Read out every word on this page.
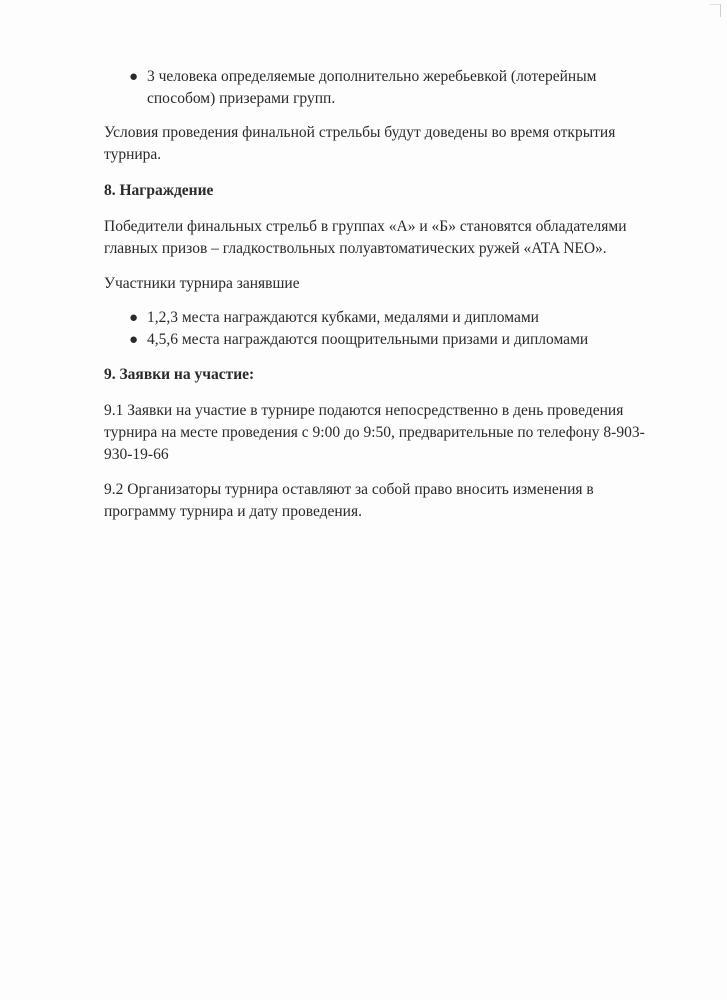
● 3 человека определяемые дополнительно жеребьевкой (лотерейным способом) призерами групп.

Условия проведения финальной стрельбы будут доведены во время открытия турнира.

8. Награждение

Победители финальных стрельб в группах «А» и «Б» становятся обладателями главных призов – гладкоствольных полуавтоматических ружей «ATA NEO».

Участники турнира занявшие

● 1,2,3 места награждаются кубками, медалями и дипломами
● 4,5,6 места награждаются поощрительными призами и дипломами

9. Заявки на участие:

9.1 Заявки на участие в турнире подаются непосредственно в день проведения турнира на месте проведения с 9:00 до 9:50, предварительные по телефону 8-903-930-19-66

9.2 Организаторы турнира оставляют за собой право вносить изменения в программу турнира и дату проведения.
